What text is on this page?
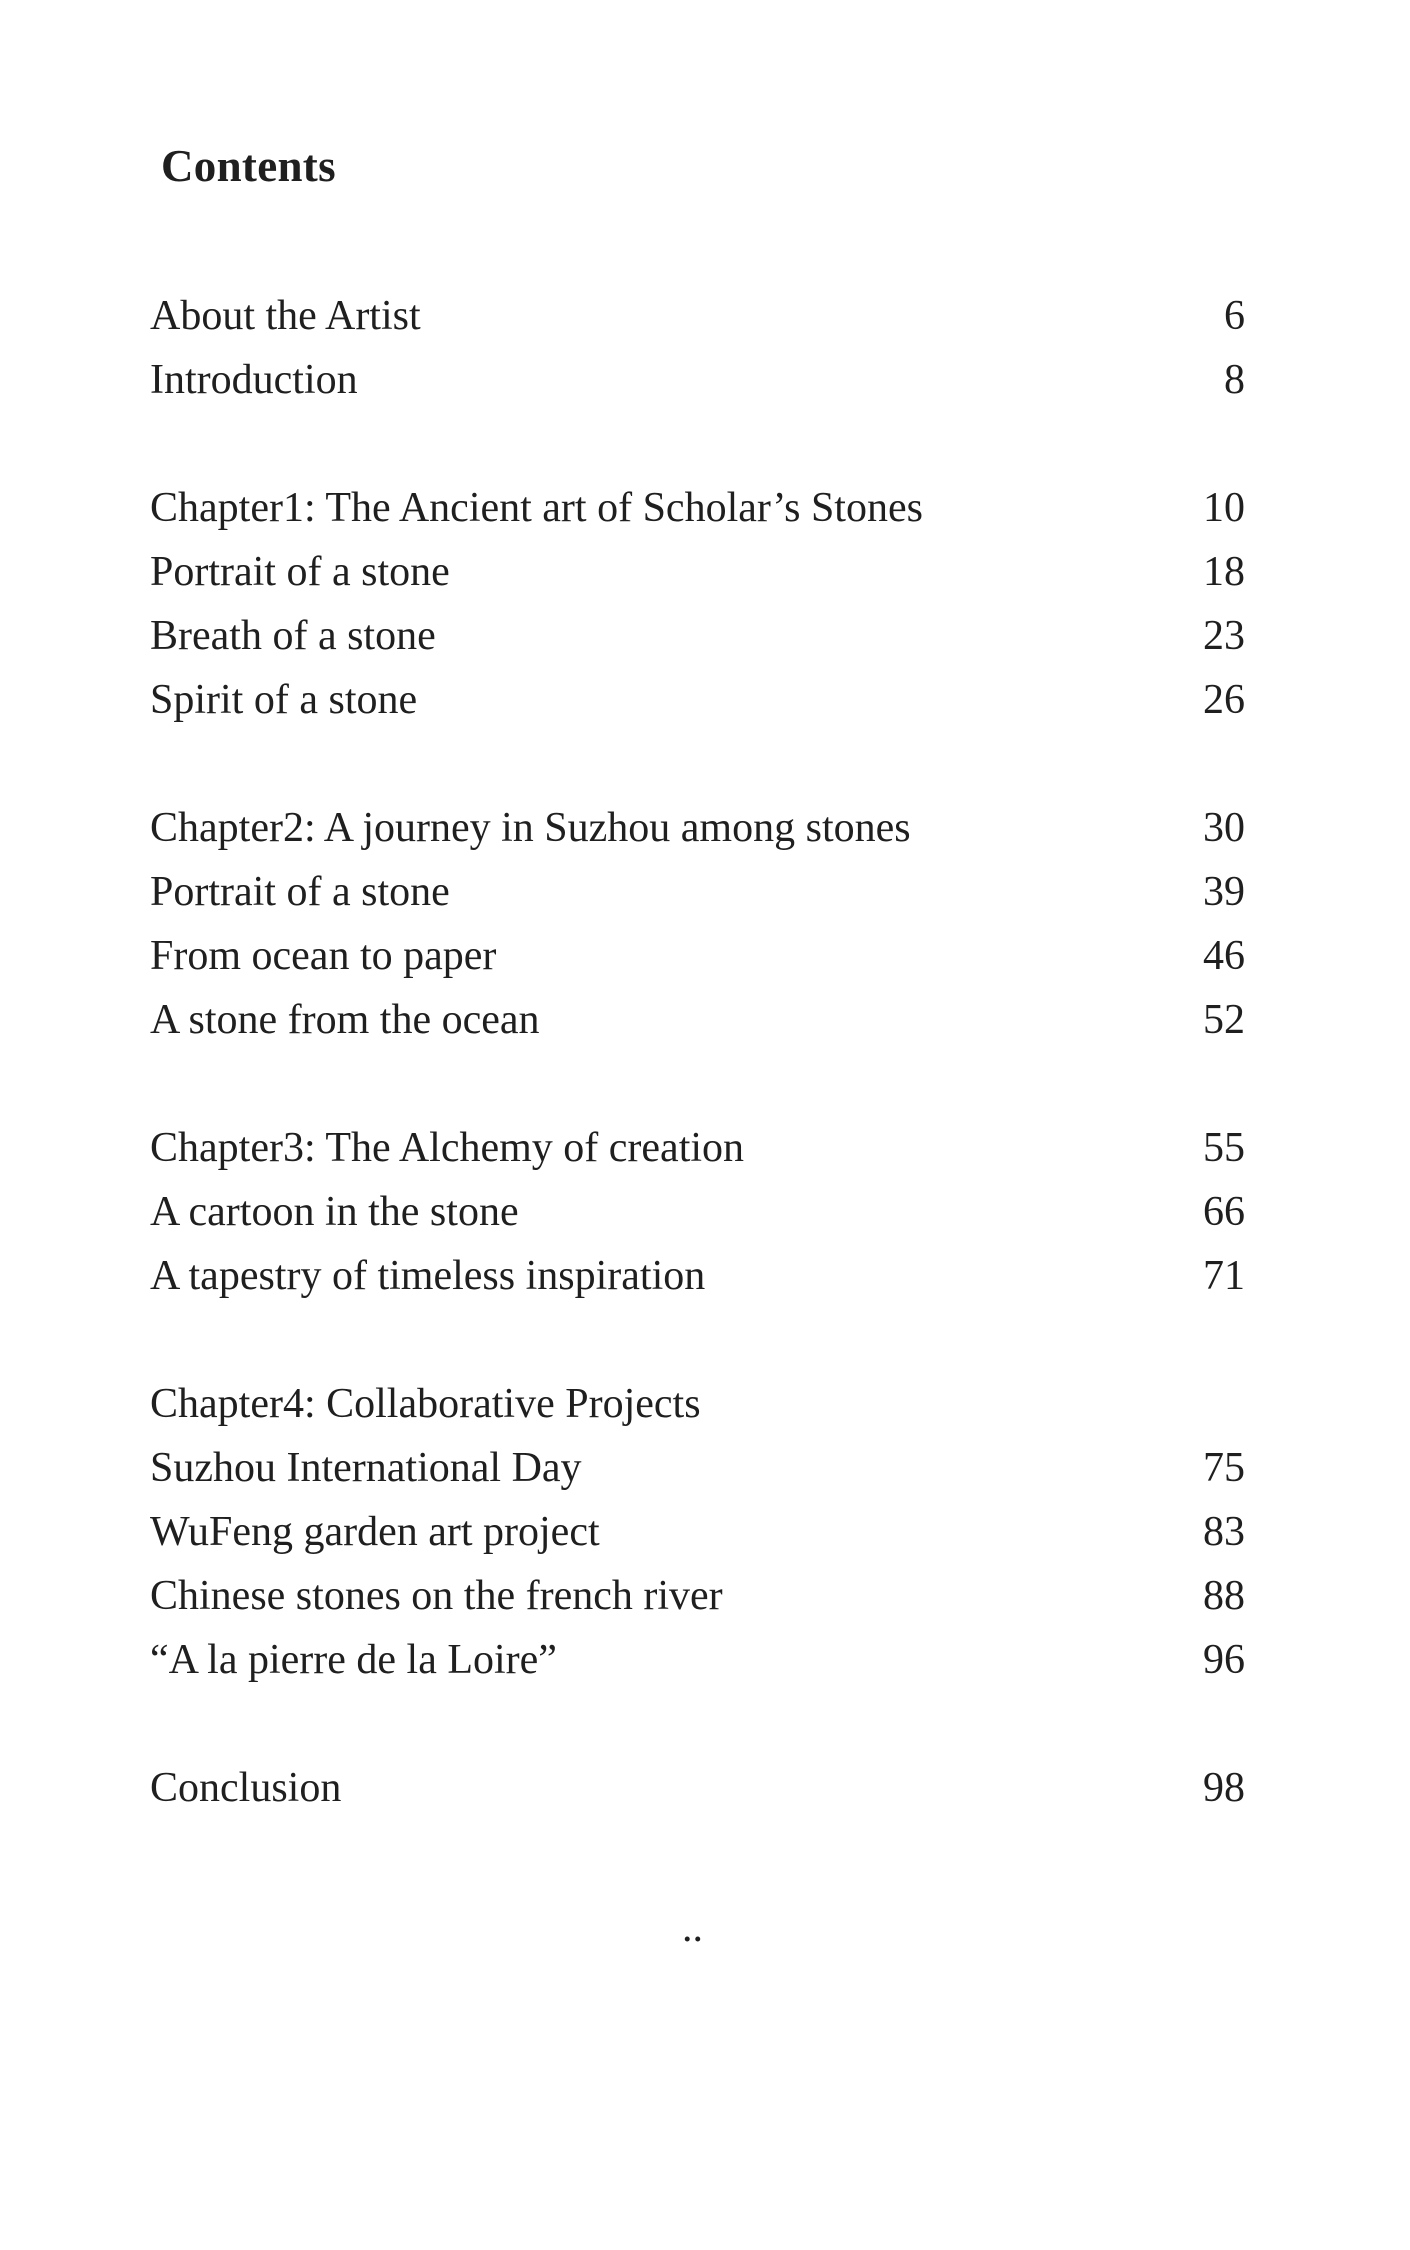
Contents
About the Artist	6
Introduction	8
Chapter1: The Ancient art of Scholar’s Stones	10
Portrait of a stone	18
Breath of a stone	23
Spirit of a stone	26
Chapter2: A journey in Suzhou among stones	30
Portrait of a stone	39
From ocean to paper	46
A stone from the ocean	52
Chapter3: The Alchemy of creation	55
A cartoon in the stone	66
A tapestry of timeless inspiration	71
Chapter4: Collaborative Projects
Suzhou International Day	75
WuFeng garden art project	83
Chinese stones on the french river	88
“A la pierre de la Loire”	96
Conclusion	98
..
